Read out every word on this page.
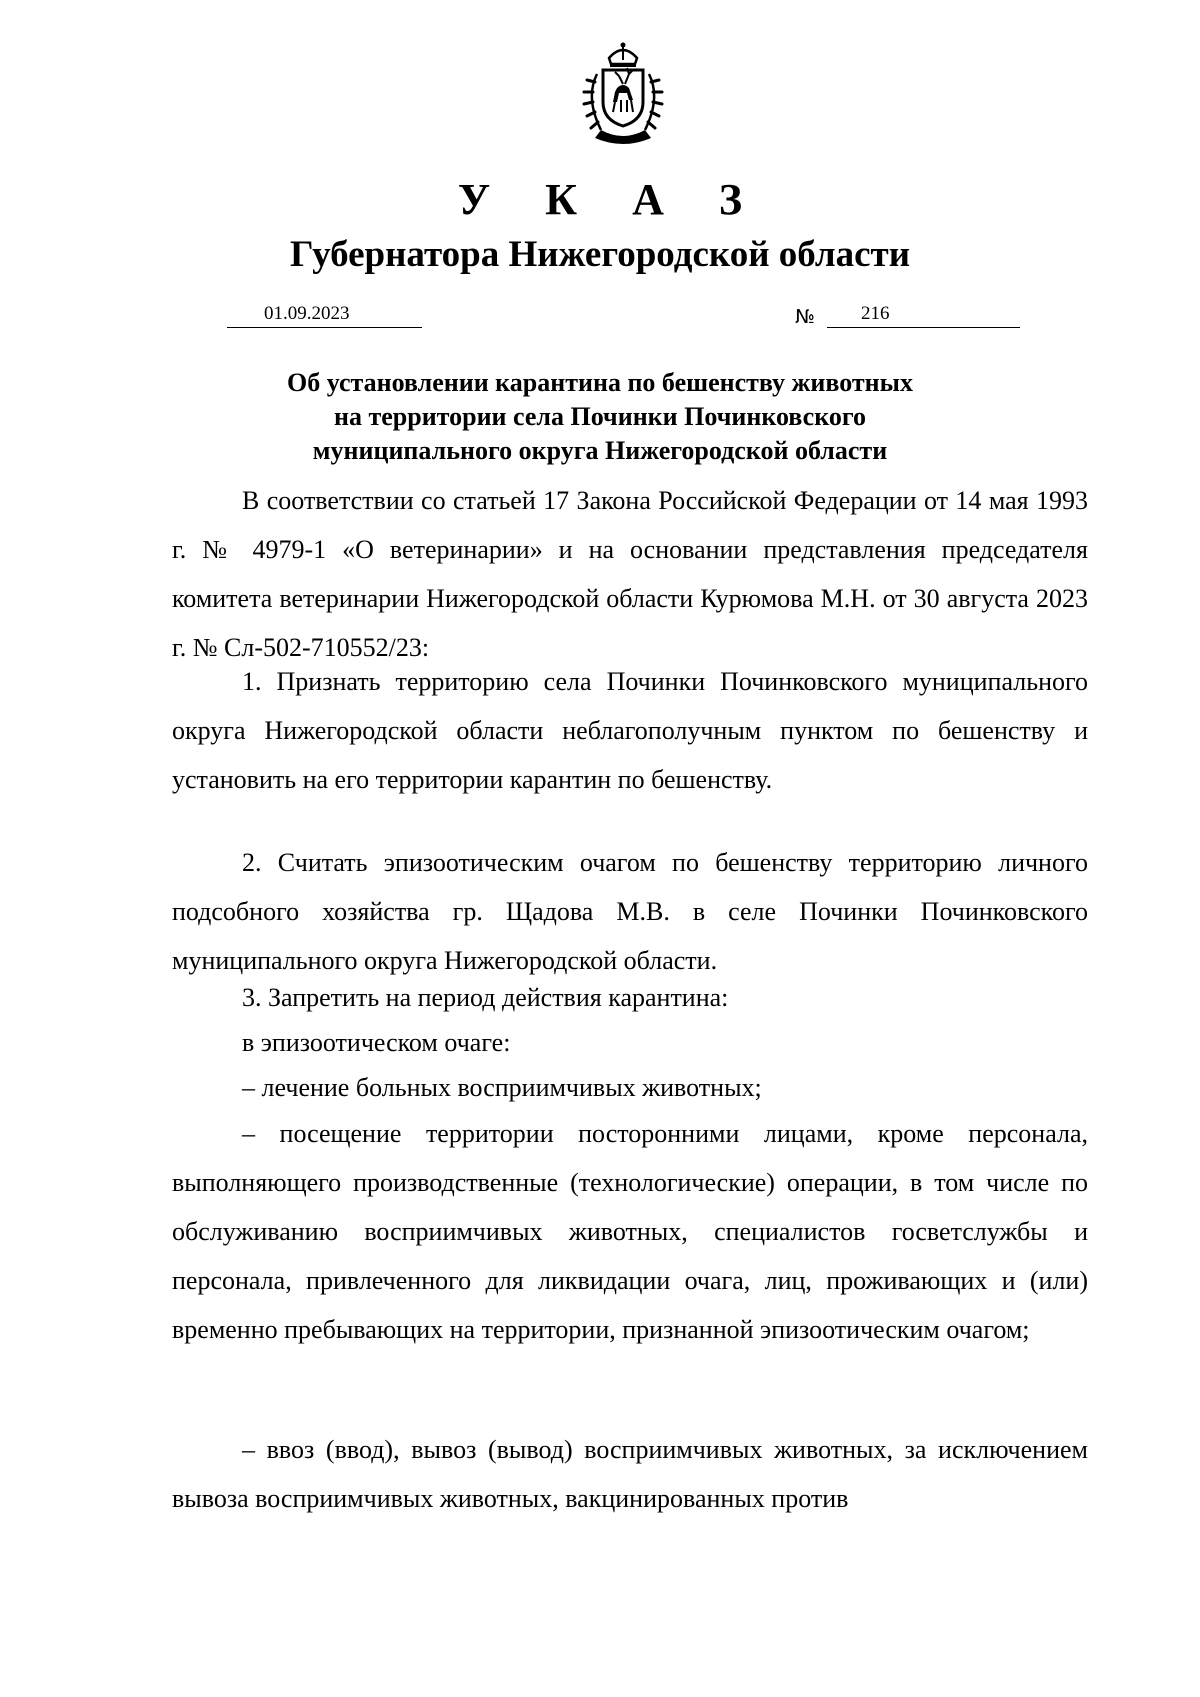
У К А З
Губернатора Нижегородской области
01.09.2023	№ 216
Об установлении карантина по бешенству животных
на территории села Починки Починковского
муниципального округа Нижегородской области

В соответствии со статьей 17 Закона Российской Федерации от 14 мая 1993 г. № 4979-1 «О ветеринарии» и на основании представления председателя комитета ветеринарии Нижегородской области Курюмова М.Н. от 30 августа 2023 г. № Сл-502-710552/23:

1. Признать территорию села Починки Починковского муниципального округа Нижегородской области неблагополучным пунктом по бешенству и установить на его территории карантин по бешенству.

2. Считать эпизоотическим очагом по бешенству территорию личного подсобного хозяйства гр. Щадова М.В. в селе Починки Починковского муниципального округа Нижегородской области.

3. Запретить на период действия карантина:

в эпизоотическом очаге:

– лечение больных восприимчивых животных;

– посещение территории посторонними лицами, кроме персонала, выполняющего производственные (технологические) операции, в том числе по обслуживанию восприимчивых животных, специалистов госветслужбы и персонала, привлеченного для ликвидации очага, лиц, проживающих и (или) временно пребывающих на территории, признанной эпизоотическим очагом;

– ввоз (ввод), вывоз (вывод) восприимчивых животных, за исключением вывоза восприимчивых животных, вакцинированных против
